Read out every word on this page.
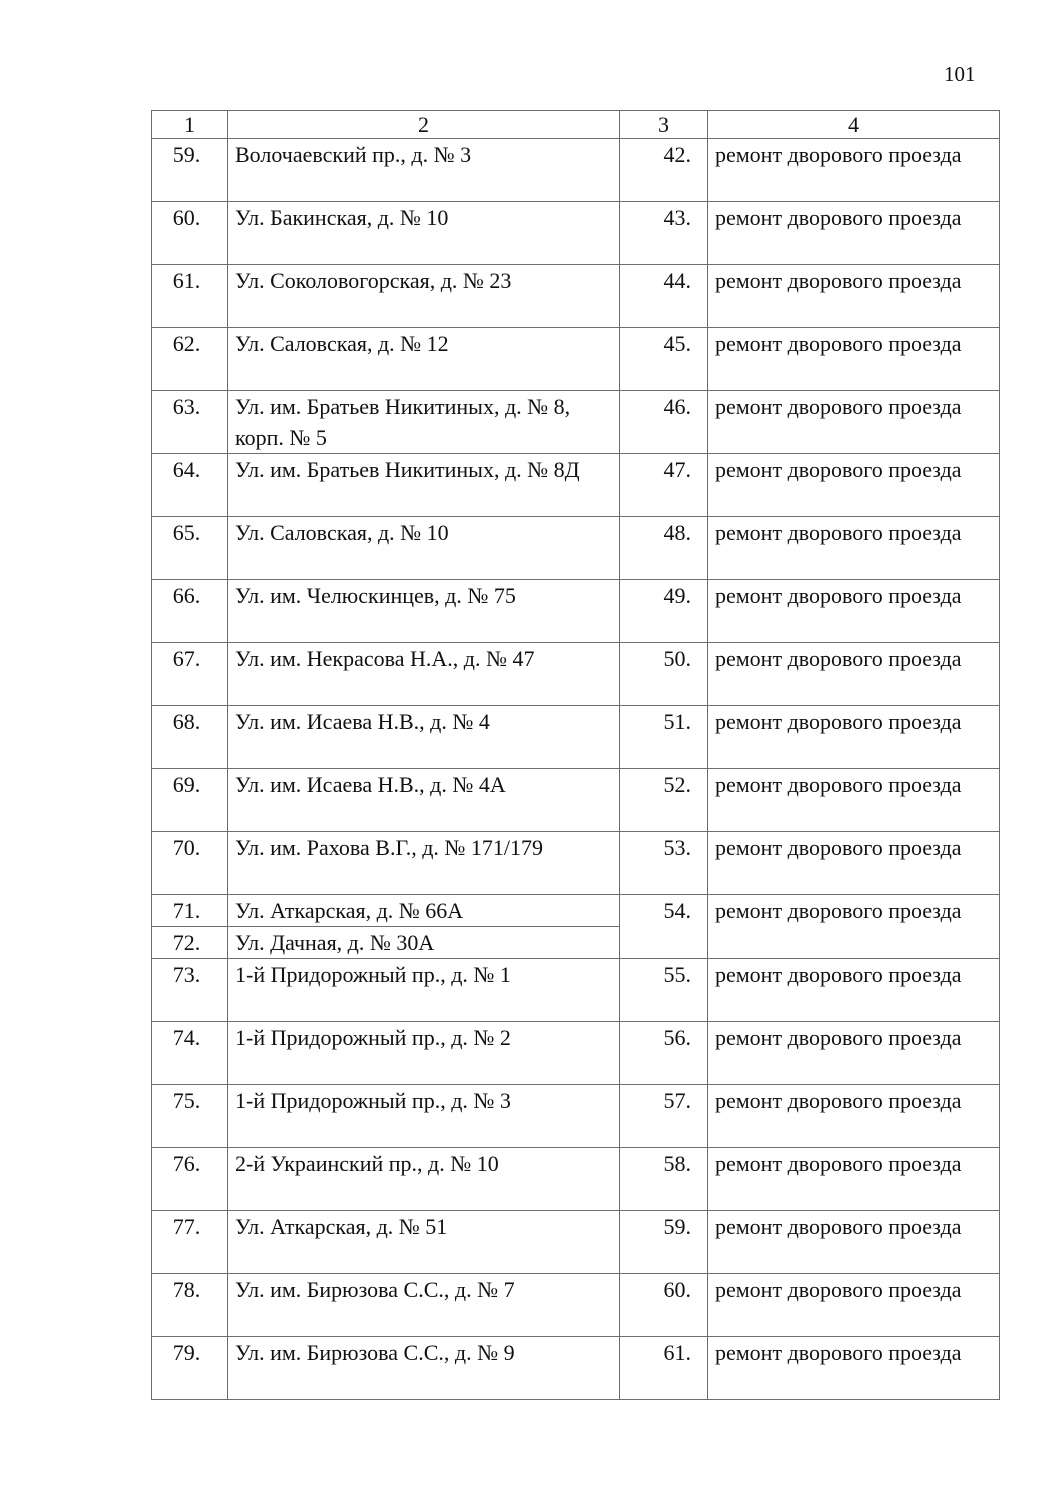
101
1	2	3	4
59.	Волочаевский пр., д. № 3	42.	ремонт дворового проезда
60.	Ул. Бакинская, д. № 10	43.	ремонт дворового проезда
61.	Ул. Соколовогорская, д. № 23	44.	ремонт дворового проезда
62.	Ул. Саловская, д. № 12	45.	ремонт дворового проезда
63.	Ул. им. Братьев Никитиных, д. № 8, корп. № 5	46.	ремонт дворового проезда
64.	Ул. им. Братьев Никитиных, д. № 8Д	47.	ремонт дворового проезда
65.	Ул. Саловская, д. № 10	48.	ремонт дворового проезда
66.	Ул. им. Челюскинцев, д. № 75	49.	ремонт дворового проезда
67.	Ул. им. Некрасова Н.А., д. № 47	50.	ремонт дворового проезда
68.	Ул. им. Исаева Н.В., д. № 4	51.	ремонт дворового проезда
69.	Ул. им. Исаева Н.В., д. № 4А	52.	ремонт дворового проезда
70.	Ул. им. Рахова В.Г., д. № 171/179	53.	ремонт дворового проезда
71.	Ул. Аткарская, д. № 66А	54.	ремонт дворового проезда
72.	Ул. Дачная, д. № 30А		
73.	1-й Придорожный пр., д. № 1	55.	ремонт дворового проезда
74.	1-й Придорожный пр., д. № 2	56.	ремонт дворового проезда
75.	1-й Придорожный пр., д. № 3	57.	ремонт дворового проезда
76.	2-й Украинский пр., д. № 10	58.	ремонт дворового проезда
77.	Ул. Аткарская, д. № 51	59.	ремонт дворового проезда
78.	Ул. им. Бирюзова С.С., д. № 7	60.	ремонт дворового проезда
79.	Ул. им. Бирюзова С.С., д. № 9	61.	ремонт дворового проезда
